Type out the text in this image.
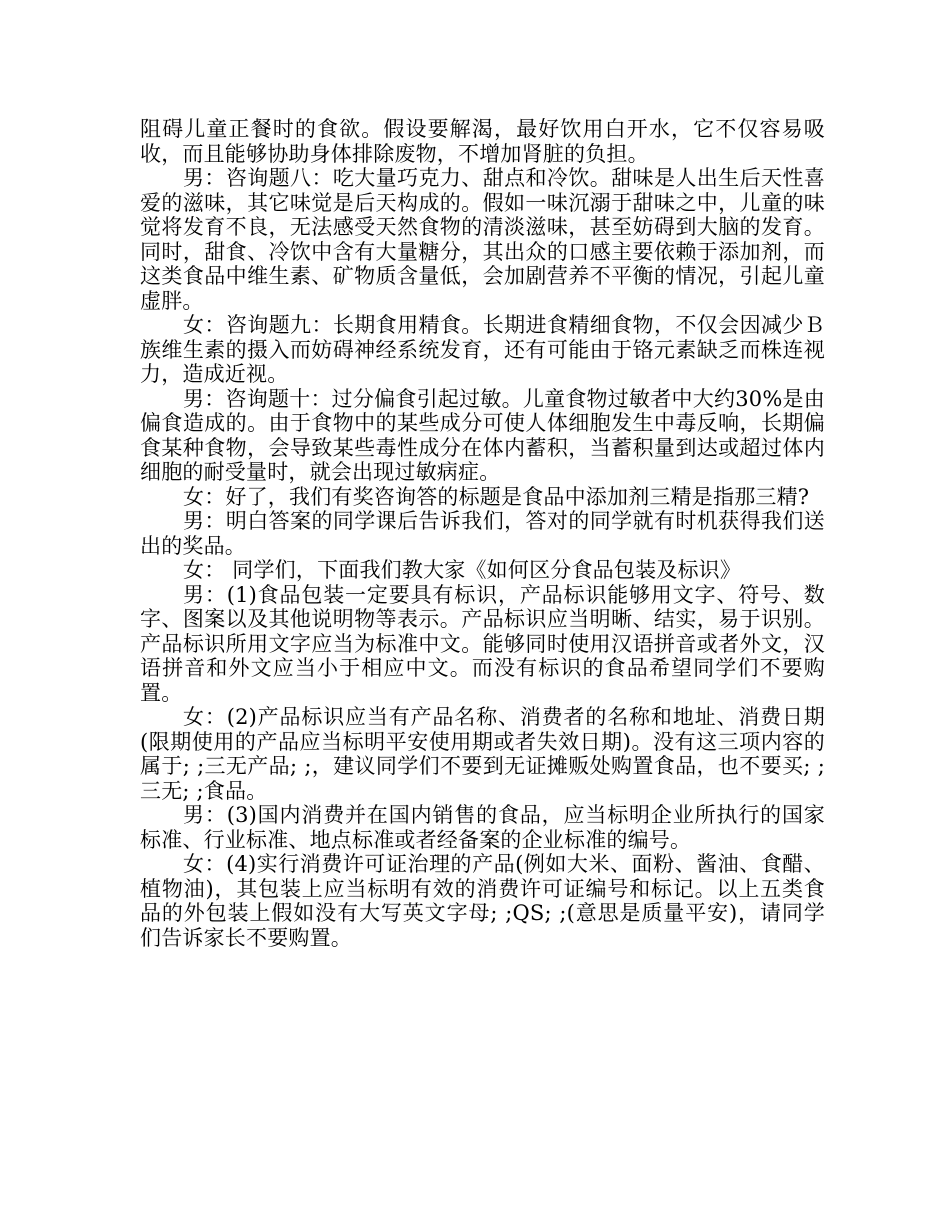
阻碍儿童正餐时的食欲。假设要解渴，最好饮用白开水，它不仅容易吸收，而且能够协助身体排除废物，不增加肾脏的负担。

男：咨询题八：吃大量巧克力、甜点和冷饮。甜味是人出生后天性喜爱的滋味，其它味觉是后天构成的。假如一味沉溺于甜味之中，儿童的味觉将发育不良，无法感受天然食物的清淡滋味，甚至妨碍到大脑的发育。同时，甜食、冷饮中含有大量糖分，其出众的口感主要依赖于添加剂，而这类食品中维生素、矿物质含量低，会加剧营养不平衡的情况，引起儿童虚胖。

女：咨询题九：长期食用精食。长期进食精细食物，不仅会因减少Ｂ族维生素的摄入而妨碍神经系统发育，还有可能由于铬元素缺乏而株连视力，造成近视。

男：咨询题十：过分偏食引起过敏。儿童食物过敏者中大约30%是由偏食造成的。由于食物中的某些成分可使人体细胞发生中毒反响，长期偏食某种食物，会导致某些毒性成分在体内蓄积，当蓄积量到达或超过体内细胞的耐受量时，就会出现过敏病症。

女：好了，我们有奖咨询答的标题是食品中添加剂三精是指那三精?

男：明白答案的同学课后告诉我们，答对的同学就有时机获得我们送出的奖品。

女： 同学们，下面我们教大家《如何区分食品包装及标识》

男：(1)食品包装一定要具有标识，产品标识能够用文字、符号、数字、图案以及其他说明物等表示。产品标识应当明晰、结实，易于识别。产品标识所用文字应当为标准中文。能够同时使用汉语拼音或者外文，汉语拼音和外文应当小于相应中文。而没有标识的食品希望同学们不要购置。

女：(2)产品标识应当有产品名称、消费者的名称和地址、消费日期(限期使用的产品应当标明平安使用期或者失效日期)。没有这三项内容的属于; ;三无产品; ;，建议同学们不要到无证摊贩处购置食品，也不要买; ;三无; ;食品。

男：(3)国内消费并在国内销售的食品，应当标明企业所执行的国家标准、行业标准、地点标准或者经备案的企业标准的编号。

女：(4)实行消费许可证治理的产品(例如大米、面粉、酱油、食醋、植物油)，其包装上应当标明有效的消费许可证编号和标记。以上五类食品的外包装上假如没有大写英文字母; ;QS; ;(意思是质量平安)，请同学们告诉家长不要购置。
